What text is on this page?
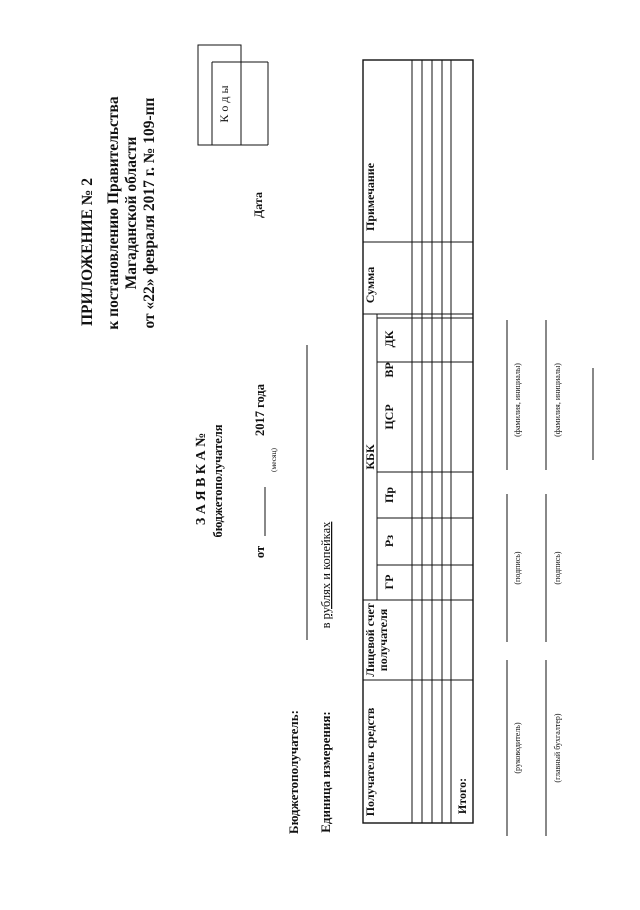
ПРИЛОЖЕНИЕ № 2 к постановлению Правительства Магаданской области от «22» февраля 2017 г. № 109-пп	К о д ы
Дата
З А Я В К А № бюджетополучателя
от
2017 года
(месяц)
Бюджетополучатель: Единица измерения:
в рублях и копейках
Получатель средств
Лицевой счет получателя
КБК
ГР
Рз
Пр
ЦСР
ВР
ДК
Сумма
Примечание
Итого:
(руководитель)
(подпись)
(фамилия, инициалы)
(главный бухгалтер)
(подпись)
(фамилия, инициалы)
